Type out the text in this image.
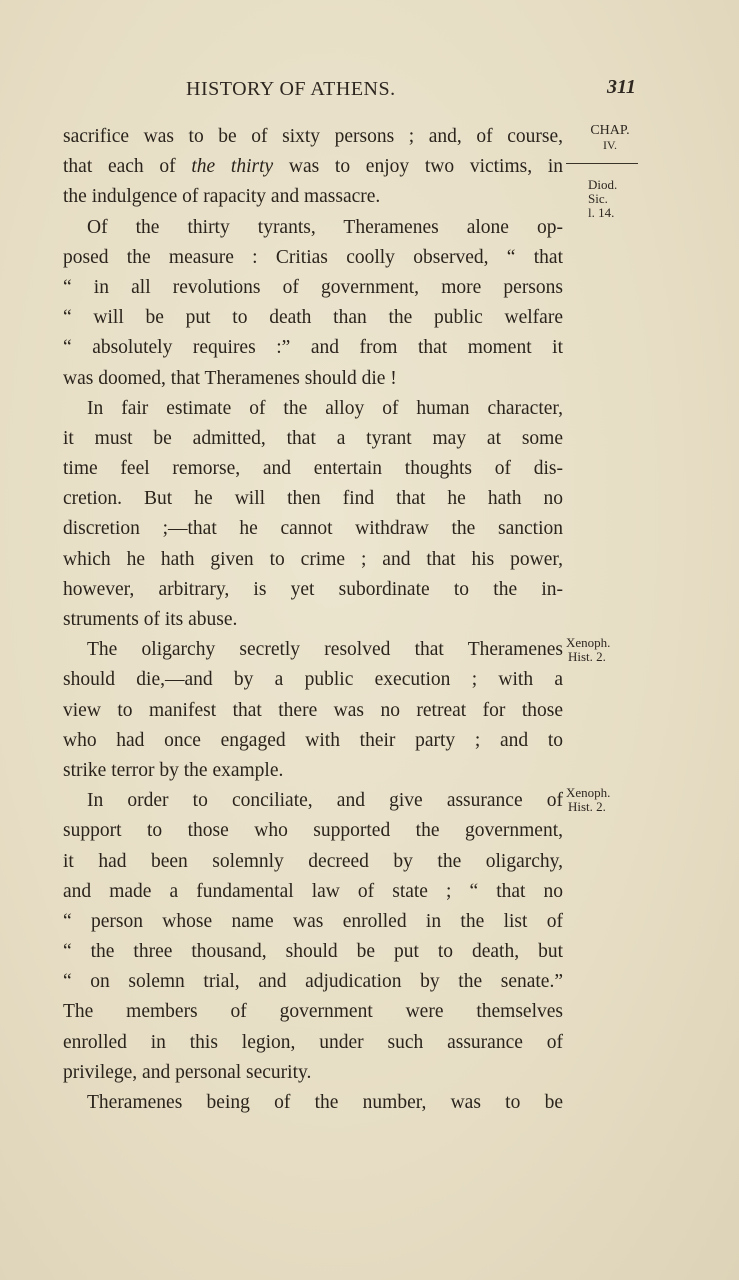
HISTORY OF ATHENS.	311
CHAP.
IV.
Diod. Sic.
l. 14.
Xenoph.
Hist. 2.
Xenoph.
Hist. 2.
sacrifice was to be of sixty persons ; and, of course,
that each of the thirty was to enjoy two victims, in
the indulgence of rapacity and massacre.
Of the thirty tyrants, Theramenes alone op-
posed the measure : Critias coolly observed, “ that
“ in all revolutions of government, more persons
“ will be put to death than the public welfare
“ absolutely requires :” and from that moment it
was doomed, that Theramenes should die !
In fair estimate of the alloy of human character,
it must be admitted, that a tyrant may at some
time feel remorse, and entertain thoughts of dis-
cretion. But he will then find that he hath no
discretion ;—that he cannot withdraw the sanction
which he hath given to crime ; and that his power,
however, arbitrary, is yet subordinate to the in-
struments of its abuse.
The oligarchy secretly resolved that Theramenes
should die,—and by a public execution ; with a
view to manifest that there was no retreat for those
who had once engaged with their party ; and to
strike terror by the example.
In order to conciliate, and give assurance of
support to those who supported the government,
it had been solemnly decreed by the oligarchy,
and made a fundamental law of state ; “ that no
“ person whose name was enrolled in the list of
“ the three thousand, should be put to death, but
“ on solemn trial, and adjudication by the senate.”
The members of government were themselves
enrolled in this legion, under such assurance of
privilege, and personal security.
Theramenes being of the number, was to be
